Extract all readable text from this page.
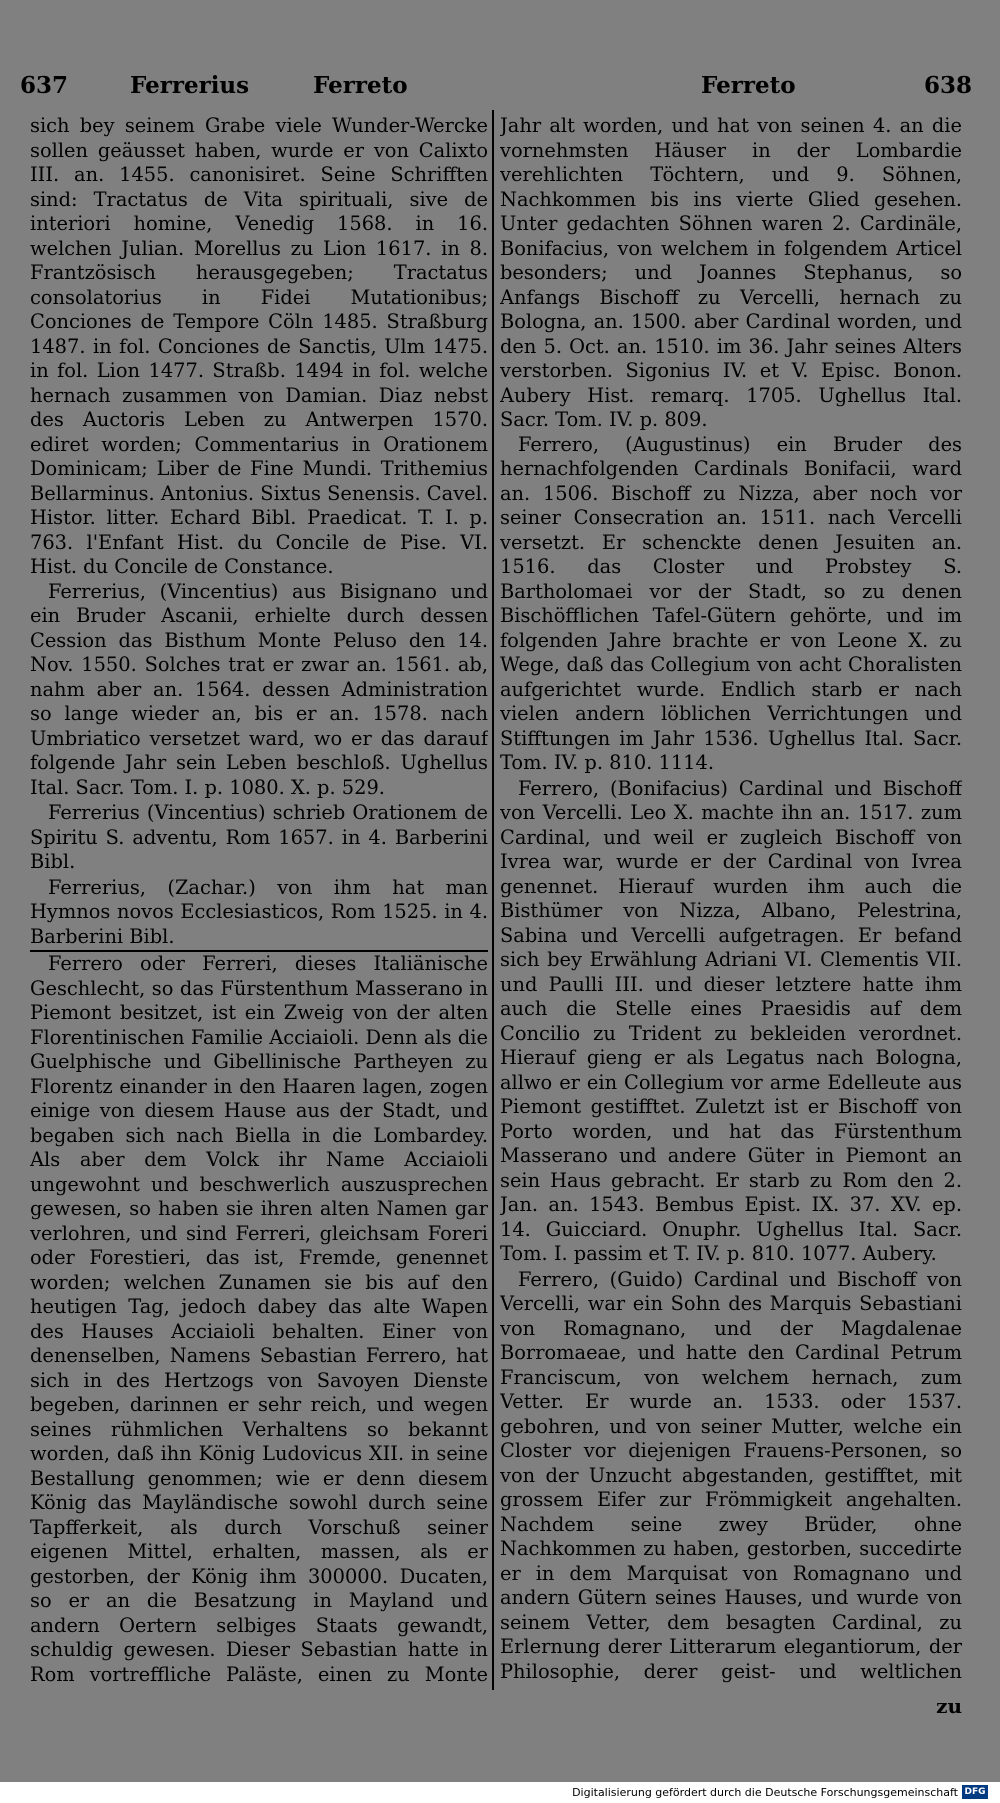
637	Ferrerius	Ferreto	Ferreto	638

sich bey seinem Grabe viele Wunder-Wercke sollen geäusset haben, wurde er von Calixto III. an. 1455. canonisiret. Seine Schrifften sind: Tractatus de Vita spirituali, sive de interiori homine, Venedig 1568. in 16. welchen Julian. Morellus zu Lion 1617. in 8. Frantzösisch herausgegeben; Tractatus consolatorius in Fidei Mutationibus; Conciones de Tempore Cöln 1485. Straßburg 1487. in fol. Conciones de Sanctis, Ulm 1475. in fol. Lion 1477. Straßb. 1494 in fol. welche hernach zusammen von Damian. Diaz nebst des Auctoris Leben zu Antwerpen 1570. ediret worden; Commentarius in Orationem Dominicam; Liber de Fine Mundi. Trithemius Bellarminus. Antonius. Sixtus Senensis. Cavel. Histor. litter. Echard Bibl. Praedicat. T. I. p. 763. l'Enfant Hist. du Concile de Pise. VI. Hist. du Concile de Constance.

Ferrerius, (Vincentius) aus Bisignano und ein Bruder Ascanii, erhielte durch dessen Cession das Bisthum Monte Peluso den 14. Nov. 1550. Solches trat er zwar an. 1561. ab, nahm aber an. 1564. dessen Administration so lange wieder an, bis er an. 1578. nach Umbriatico versetzet ward, wo er das darauf folgende Jahr sein Leben beschloß. Ughellus Ital. Sacr. Tom. I. p. 1080. X. p. 529.

Ferrerius (Vincentius) schrieb Orationem de Spiritu S. adventu, Rom 1657. in 4. Barberini Bibl.

Ferrerius, (Zachar.) von ihm hat man Hymnos novos Ecclesiasticos, Rom 1525. in 4. Barberini Bibl.

Ferrero oder Ferreri, dieses Italiänische Geschlecht, so das Fürstenthum Masserano in Piemont besitzet, ist ein Zweig von der alten Florentinischen Familie Acciaioli. Denn als die Guelphische und Gibellinische Partheyen zu Florentz einander in den Haaren lagen, zogen einige von diesem Hause aus der Stadt, und begaben sich nach Biella in die Lombardey. Als aber dem Volck ihr Name Acciaioli ungewohnt und beschwerlich auszusprechen gewesen, so haben sie ihren alten Namen gar verlohren, und sind Ferreri, gleichsam Foreri oder Forestieri, das ist, Fremde, genennet worden; welchen Zunamen sie bis auf den heutigen Tag, jedoch dabey das alte Wapen des Hauses Acciaioli behalten. Einer von denenselben, Namens Sebastian Ferrero, hat sich in des Hertzogs von Savoyen Dienste begeben, darinnen er sehr reich, und wegen seines rühmlichen Verhaltens so bekannt worden, daß ihn König Ludovicus XII. in seine Bestallung genommen; wie er denn diesem König das Mayländische sowohl durch seine Tapfferkeit, als durch Vorschuß seiner eigenen Mittel, erhalten, massen, als er gestorben, der König ihm 300000. Ducaten, so er an die Besatzung in Mayland und andern Oertern selbiges Staats gewandt, schuldig gewesen. Dieser Sebastian hatte in Rom vortreffliche Paläste, einen zu Monte

Jahr alt worden, und hat von seinen 4. an die vornehmsten Häuser in der Lombardie verehlichten Töchtern, und 9. Söhnen, Nachkommen bis ins vierte Glied gesehen. Unter gedachten Söhnen waren 2. Cardinäle, Bonifacius, von welchem in folgendem Articel besonders; und Joannes Stephanus, so Anfangs Bischoff zu Vercelli, hernach zu Bologna, an. 1500. aber Cardinal worden, und den 5. Oct. an. 1510. im 36. Jahr seines Alters verstorben. Sigonius IV. et V. Episc. Bonon. Aubery Hist. remarq. 1705. Ughellus Ital. Sacr. Tom. IV. p. 809.

Ferrero, (Augustinus) ein Bruder des hernachfolgenden Cardinals Bonifacii, ward an. 1506. Bischoff zu Nizza, aber noch vor seiner Consecration an. 1511. nach Vercelli versetzt. Er schenckte denen Jesuiten an. 1516. das Closter und Probstey S. Bartholomaei vor der Stadt, so zu denen Bischöfflichen Tafel-Gütern gehörte, und im folgenden Jahre brachte er von Leone X. zu Wege, daß das Collegium von acht Choralisten aufgerichtet wurde. Endlich starb er nach vielen andern löblichen Verrichtungen und Stifftungen im Jahr 1536. Ughellus Ital. Sacr. Tom. IV. p. 810. 1114.

Ferrero, (Bonifacius) Cardinal und Bischoff von Vercelli. Leo X. machte ihn an. 1517. zum Cardinal, und weil er zugleich Bischoff von Ivrea war, wurde er der Cardinal von Ivrea genennet. Hierauf wurden ihm auch die Bisthümer von Nizza, Albano, Pelestrina, Sabina und Vercelli aufgetragen. Er befand sich bey Erwählung Adriani VI. Clementis VII. und Paulli III. und dieser letztere hatte ihm auch die Stelle eines Praesidis auf dem Concilio zu Trident zu bekleiden verordnet. Hierauf gieng er als Legatus nach Bologna, allwo er ein Collegium vor arme Edelleute aus Piemont gestifftet. Zuletzt ist er Bischoff von Porto worden, und hat das Fürstenthum Masserano und andere Güter in Piemont an sein Haus gebracht. Er starb zu Rom den 2. Jan. an. 1543. Bembus Epist. IX. 37. XV. ep. 14. Guicciard. Onuphr. Ughellus Ital. Sacr. Tom. I. passim et T. IV. p. 810. 1077. Aubery.

Ferrero, (Guido) Cardinal und Bischoff von Vercelli, war ein Sohn des Marquis Sebastiani von Romagnano, und der Magdalenae Borromaeae, und hatte den Cardinal Petrum Franciscum, von welchem hernach, zum Vetter. Er wurde an. 1533. oder 1537. gebohren, und von seiner Mutter, welche ein Closter vor diejenigen Frauens-Personen, so von der Unzucht abgestanden, gestifftet, mit grossem Eifer zur Frömmigkeit angehalten. Nachdem seine zwey Brüder, ohne Nachkommen zu haben, gestorben, succedirte er in dem Marquisat von Romagnano und andern Gütern seines Hauses, und wurde von seinem Vetter, dem besagten Cardinal, zu Erlernung derer Litterarum elegantiorum, der Philosophie, derer geist- und weltlichen

zu
Digitalisierung gefördert durch die Deutsche Forschungsgemeinschaft DFG
